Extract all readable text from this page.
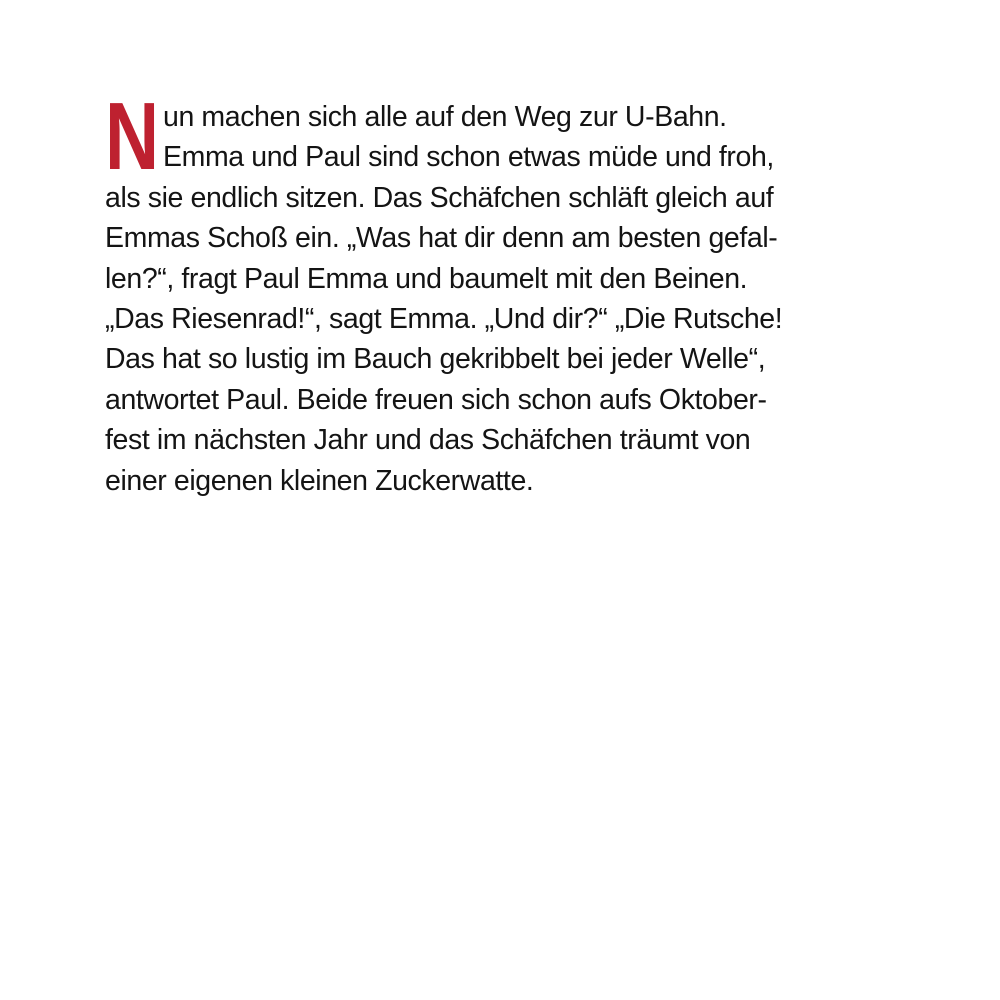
N un machen sich alle auf den Weg zur U-Bahn.
Emma und Paul sind schon etwas müde und froh,
als sie endlich sitzen. Das Schäfchen schläft gleich auf
Emmas Schoß ein. „Was hat dir denn am besten gefal-
len?“, fragt Paul Emma und baumelt mit den Beinen.
„Das Riesenrad!“, sagt Emma. „Und dir?“ „Die Rutsche!
Das hat so lustig im Bauch gekribbelt bei jeder Welle“,
antwortet Paul. Beide freuen sich schon aufs Oktober-
fest im nächsten Jahr und das Schäfchen träumt von
einer eigenen kleinen Zuckerwatte.
